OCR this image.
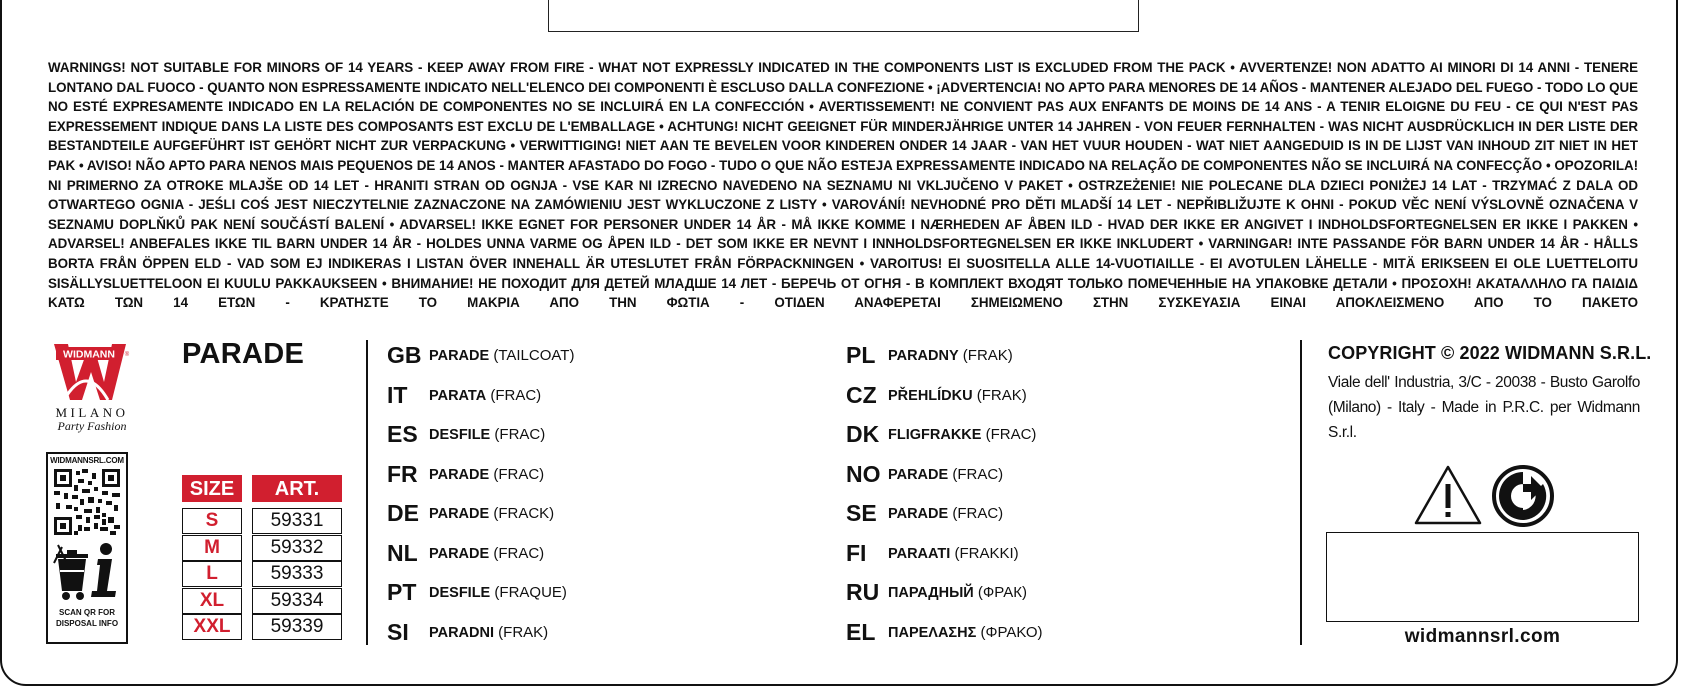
WARNINGS! NOT SUITABLE FOR MINORS OF 14 YEARS - KEEP AWAY FROM FIRE - WHAT NOT EXPRESSLY INDICATED IN THE COMPONENTS LIST IS EXCLUDED FROM THE PACK • AVVERTENZE! NON ADATTO AI MINORI DI 14 ANNI - TENERE LONTANO DAL FUOCO - QUANTO NON ESPRESSAMENTE INDICATO NELL'ELENCO DEI COMPONENTI È ESCLUSO DALLA CONFEZIONE • ¡ADVERTENCIA! NO APTO PARA MENORES DE 14 AÑOS - MANTENER ALEJADO DEL FUEGO - TODO LO QUE NO ESTÉ EXPRESAMENTE INDICADO EN LA RELACIÓN DE COMPONENTES NO SE INCLUIRÁ EN LA CONFECCIÓN • AVERTISSEMENT! NE CONVIENT PAS AUX ENFANTS DE MOINS DE 14 ANS - A TENIR ELOIGNE DU FEU - CE QUI N'EST PAS EXPRESSEMENT INDIQUE DANS LA LISTE DES COMPOSANTS EST EXCLU DE L'EMBALLAGE • ACHTUNG! NICHT GEEIGNET FÜR MINDERJÄHRIGE UNTER 14 JAHREN - VON FEUER FERNHALTEN - WAS NICHT AUSDRÜCKLICH IN DER LISTE DER BESTANDTEILE AUFGEFÜHRT IST GEHÖRT NICHT ZUR VERPACKUNG • VERWITTIGING! NIET AAN TE BEVELEN VOOR KINDEREN ONDER 14 JAAR - VAN HET VUUR HOUDEN - WAT NIET AANGEDUID IS IN DE LIJST VAN INHOUD ZIT NIET IN HET PAK • AVISO! NÃO APTO PARA NENOS MAIS PEQUENOS DE 14 ANOS - MANTER AFASTADO DO FOGO - TUDO O QUE NÃO ESTEJA EXPRESSAMENTE INDICADO NA RELAÇÃO DE COMPONENTES NÃO SE INCLUIRÁ NA CONFECÇÃO • OPOZORILA! NI PRIMERNO ZA OTROKE MLAJŠE OD 14 LET - HRANITI STRAN OD OGNJA - VSE KAR NI IZRECNO NAVEDENO NA SEZNAMU NI VKLJUČENO V PAKET • OSTRZEŻENIE! NIE POLECANE DLA DZIECI PONIŻEJ 14 LAT - TRZYMAĆ Z DALA OD OTWARTEGO OGNIA - JEŚLI COŚ JEST NIECZYTELNIE ZAZNACZONE NA ZAMÓWIENIU JEST WYKLUCZONE Z LISTY • VAROVÁNÍ! NEVHODNÉ PRO DĚTI MLADŠÍ 14 LET - NEPŘIBLIŽUJTE K OHNI - POKUD VĚC NENÍ VÝSLOVNĚ OZNAČENA V SEZNAMU DOPLŇKŮ PAK NENÍ SOUČÁSTÍ BALENÍ • ADVARSEL! IKKE EGNET FOR PERSONER UNDER 14 ÅR - MÅ IKKE KOMME I NÆRHEDEN AF ÅBEN ILD - HVAD DER IKKE ER ANGIVET I INDHOLDSFORTEGNELSEN ER IKKE I PAKKEN • ADVARSEL! ANBEFALES IKKE TIL BARN UNDER 14 ÅR - HOLDES UNNA VARME OG ÅPEN ILD - DET SOM IKKE ER NEVNT I INNHOLDSFORTEGNELSEN ER IKKE INKLUDERT • VARNINGAR! INTE PASSANDE FÖR BARN UNDER 14 ÅR - HÅLLS BORTA FRÅN ÖPPEN ELD - VAD SOM EJ INDIKERAS I LISTAN ÖVER INNEHALL ÄR UTESLUTET FRÅN FÖRPACKNINGEN • VAROITUS! EI SUOSITELLA ALLE 14-VUOTIAILLE - EI AVOTULEN LÄHELLE - MITÄ ERIKSEEN EI OLE LUETTELOITU SISÄLLYSLUETTELOON EI KUULU PAKKAUKSEEN • ВНИМАНИЕ! НЕ ПОХОДИТ ДЛЯ ДЕТЕЙ МЛАДШЕ 14 ЛЕТ - БЕРЕЧЬ ОТ ОГНЯ - В КОМПЛЕКТ ВХОДЯТ ТОЛЬКО ПОМЕЧЕННЫЕ НА УПАКОВКЕ ДЕТАЛИ • ΠΡΟΣΟΧΗ! ΑΚΑΤΑΛΛΗΛΟ ΓΑ ΠΑΙΔΙΔ ΚΑΤΩ ΤΩΝ 14 ΕΤΩΝ - ΚΡΑΤΗΣΤΕ ΤΟ ΜΑΚΡΙΑ ΑΠΟ ΤΗΝ ΦΩΤΙΑ - ΟΤΙΔΕΝ ΑΝΑΦΕΡΕΤΑΙ ΣΗΜΕΙΩΜΕΝΟ ΣΤΗΝ ΣΥΣΚΕΥΑΣΙΑ ΕΙΝΑΙ ΑΠΟΚΛΕΙΣΜΕΝΟ ΑΠΟ ΤΟ ΠΑΚΕΤΟ

WIDMANN ®
MILANO
Party Fashion
WIDMANNSRL.COM
SCAN QR FOR
DISPOSAL INFO
PARADE
SIZE	ART.
S	59331
M	59332
L	59333
XL	59334
XXL	59339
GB PARADE (TAILCOAT)
IT PARATA (FRAC)
ES DESFILE (FRAC)
FR PARADE (FRAC)
DE PARADE (FRACK)
NL PARADE (FRAC)
PT DESFILE (FRAQUE)
SI PARADNI (FRAK)
PL PARADNY (FRAK)
CZ PŘEHLÍDKU (FRAK)
DK FLIGFRAKKE (FRAC)
NO PARADE (FRAC)
SE PARADE (FRAC)
FI PARAATI (FRAKKI)
RU ПАРАДНЫЙ (ФРАК)
EL ΠΑΡΕΛΑΣΗΣ (ΦΡΑΚΟ)
COPYRIGHT © 2022 WIDMANN S.R.L.
Viale dell' Industria, 3/C - 20038 - Busto Garolfo
(Milano) - Italy - Made in P.R.C. per Widmann S.r.l.
widmannsrl.com
